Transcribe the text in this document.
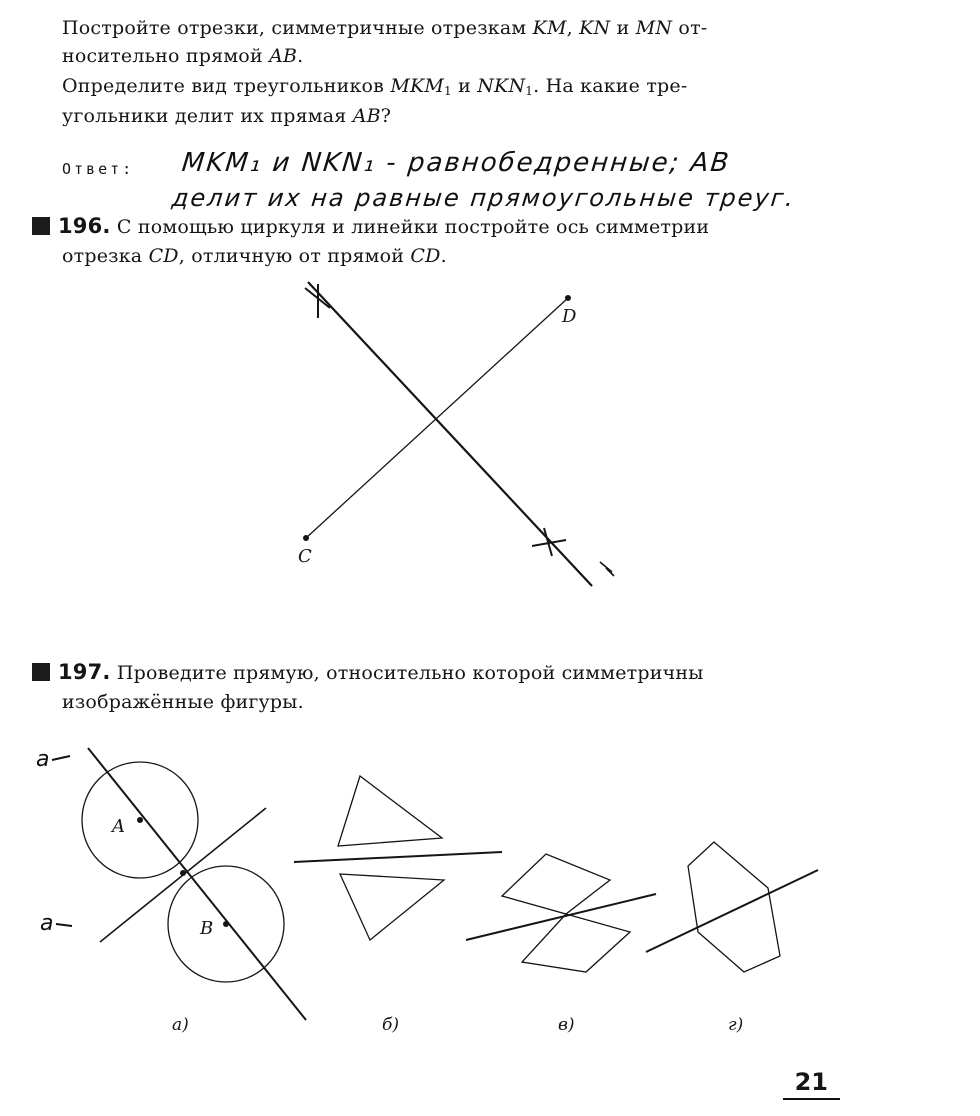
Постройте отрезки, симметричные отрезкам KM, KN и MN от-
носительно прямой AB.
Определите вид треугольников $MKM_1$ и $NKN_1$. На какие тре-
угольники делит их прямая AB?
Ответ: MKM₁ и NKN₁ - равнобедренные; AB
делит их на равные прямоугольные треуг.
196. С помощью циркуля и линейки постройте ось симметрии
отрезка CD, отличную от прямой CD.
C
D
197. Проведите прямую, относительно которой симметричны
изображённые фигуры.
A
B
a
a
а)	б)	в)	г)
21
